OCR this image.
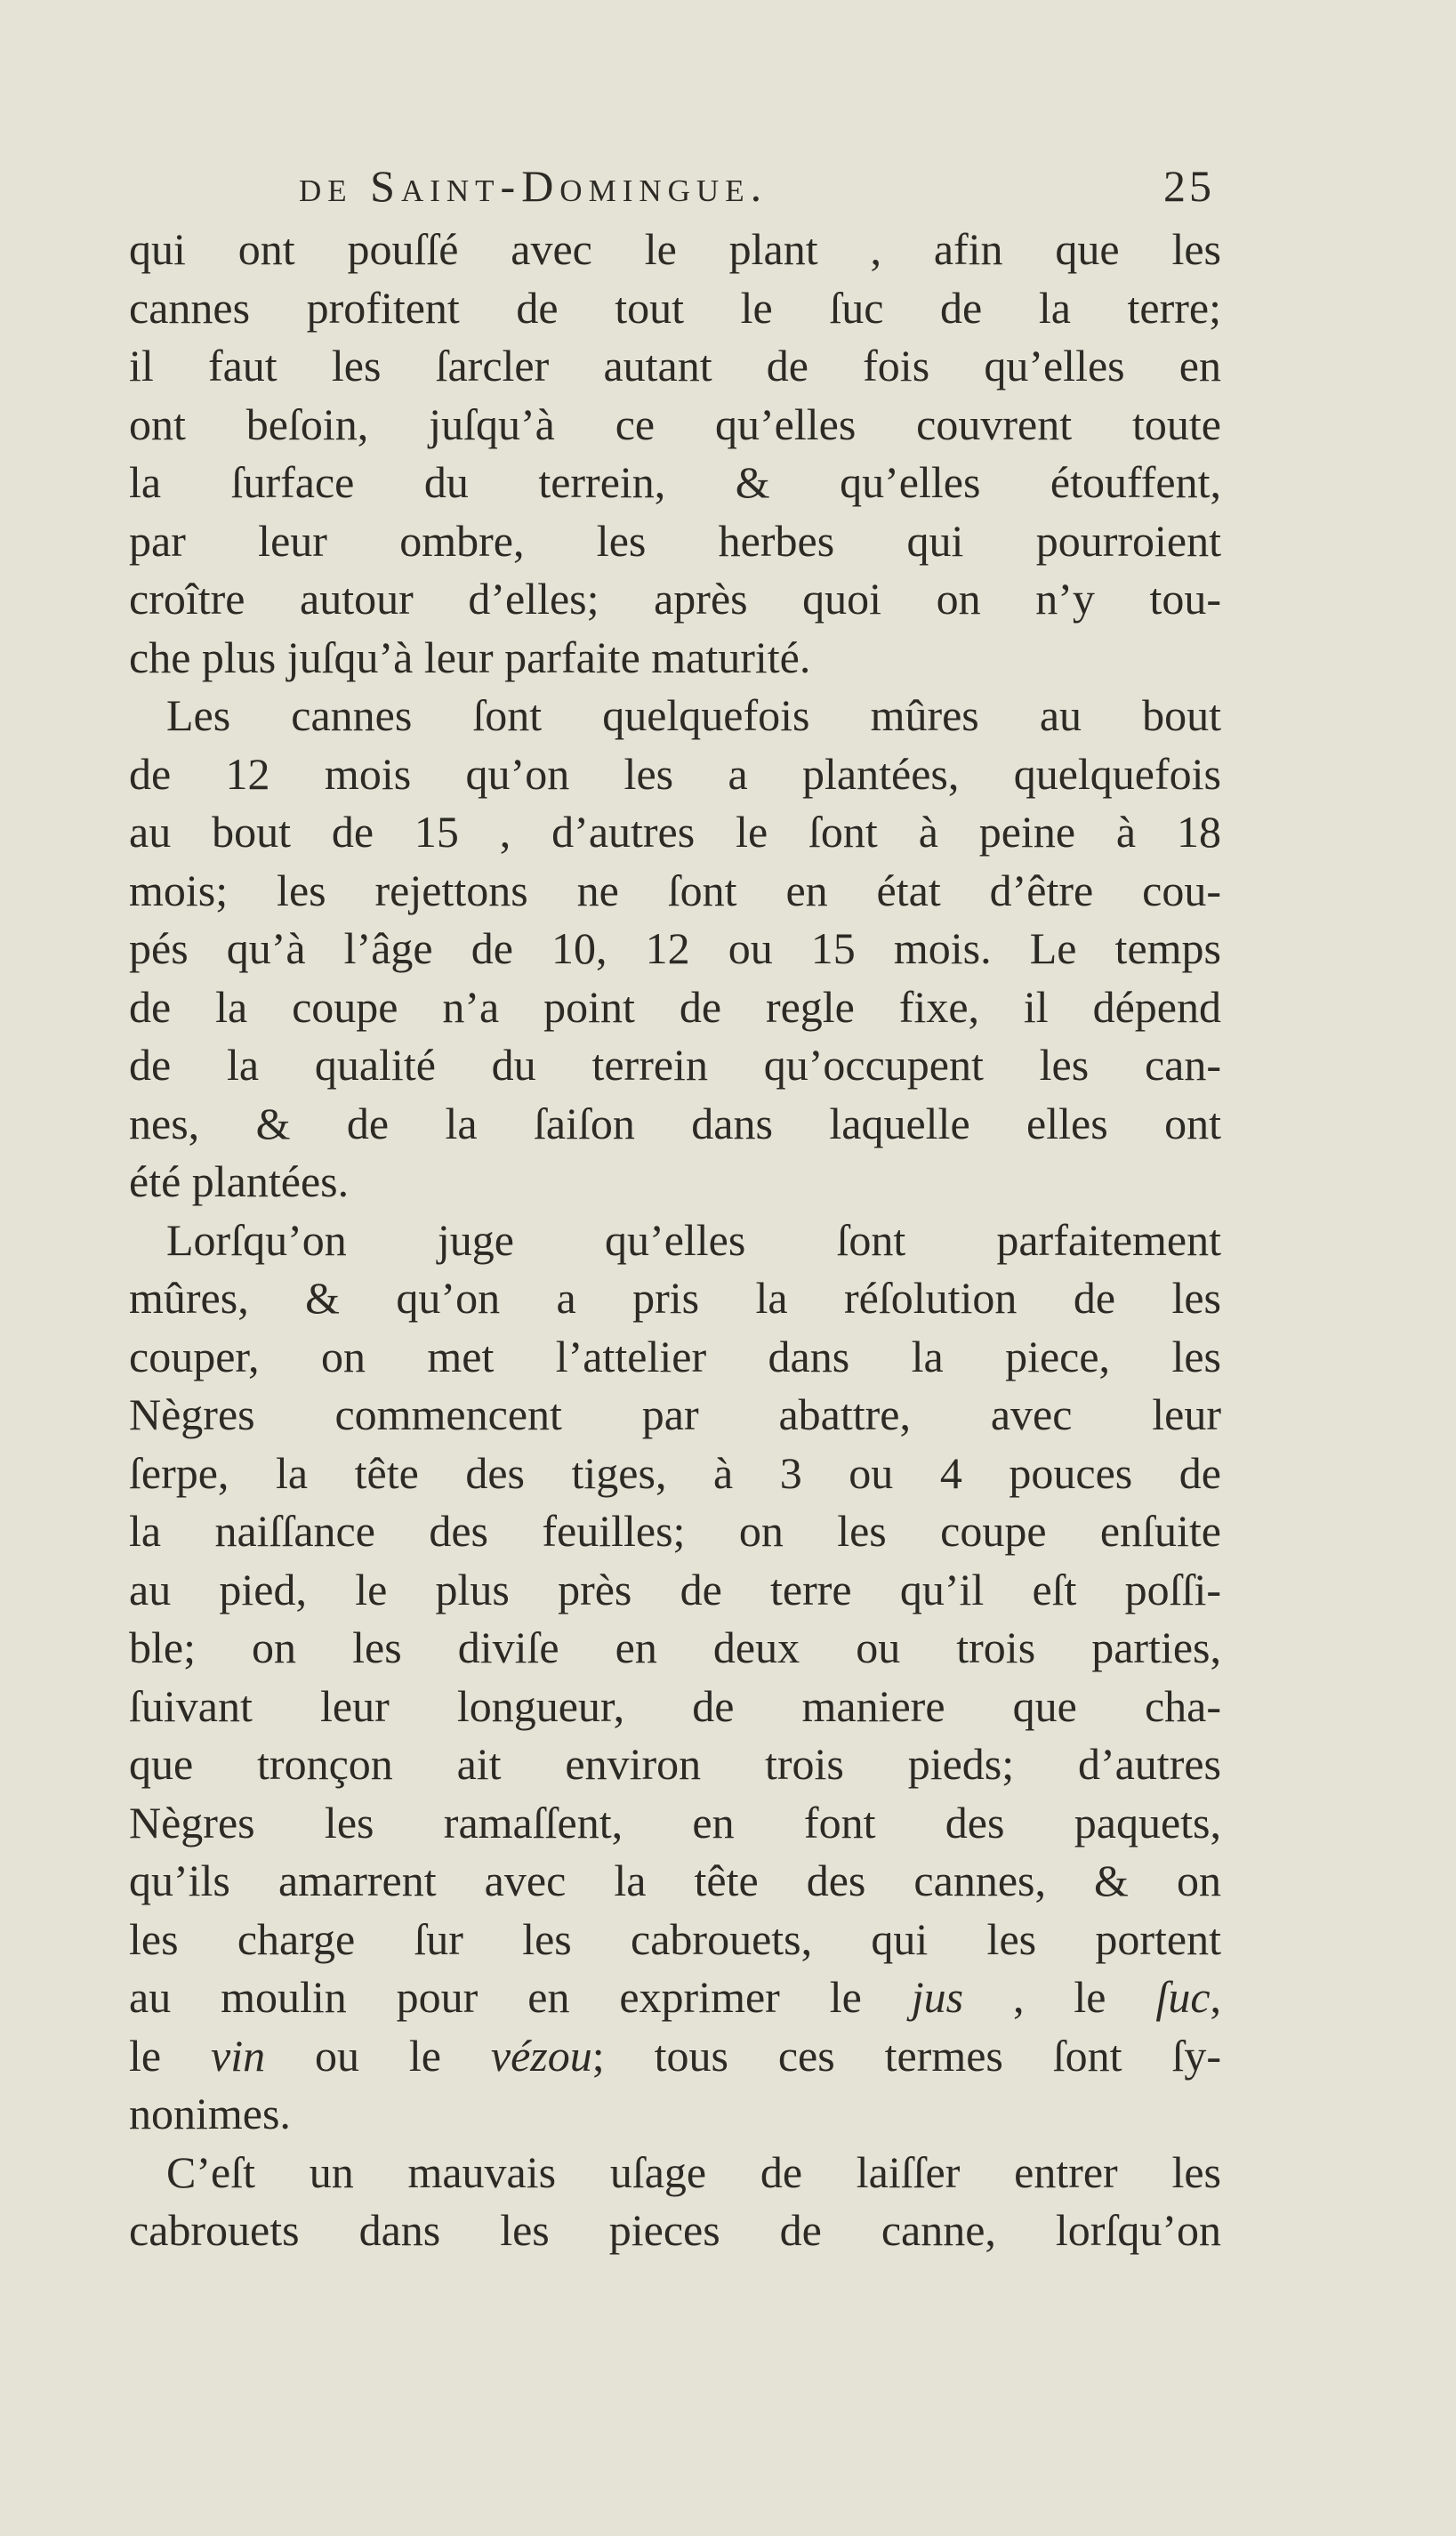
de Saint-Domingue.	25
qui ont pouſſé avec le plant , afin que les
cannes profitent de tout le ſuc de la terre;
il faut les ſarcler autant de fois qu’elles en
ont beſoin, juſqu’à ce qu’elles couvrent toute
la ſurface du terrein, & qu’elles étouffent,
par leur ombre, les herbes qui pourroient
croître autour d’elles; après quoi on n’y tou-
che plus juſqu’à leur parfaite maturité.
Les cannes ſont quelquefois mûres au bout
de 12 mois qu’on les a plantées, quelquefois
au bout de 15 , d’autres le ſont à peine à 18
mois; les rejettons ne ſont en état d’être cou-
pés qu’à l’âge de 10, 12 ou 15 mois. Le temps
de la coupe n’a point de regle fixe, il dépend
de la qualité du terrein qu’occupent les can-
nes, & de la ſaiſon dans laquelle elles ont
été plantées.
Lorſqu’on juge qu’elles ſont parfaitement
mûres, & qu’on a pris la réſolution de les
couper, on met l’attelier dans la piece, les
Nègres commencent par abattre, avec leur
ſerpe, la tête des tiges, à 3 ou 4 pouces de
la naiſſance des feuilles; on les coupe enſuite
au pied, le plus près de terre qu’il eſt poſſi-
ble; on les diviſe en deux ou trois parties,
ſuivant leur longueur, de maniere que cha-
que tronçon ait environ trois pieds; d’autres
Nègres les ramaſſent, en font des paquets,
qu’ils amarrent avec la tête des cannes, & on
les charge ſur les cabrouets, qui les portent
au moulin pour en exprimer le jus , le ſuc,
le vin ou le vézou; tous ces termes ſont ſy-
nonimes.
C’eſt un mauvais uſage de laiſſer entrer les
cabrouets dans les pieces de canne, lorſqu’on
